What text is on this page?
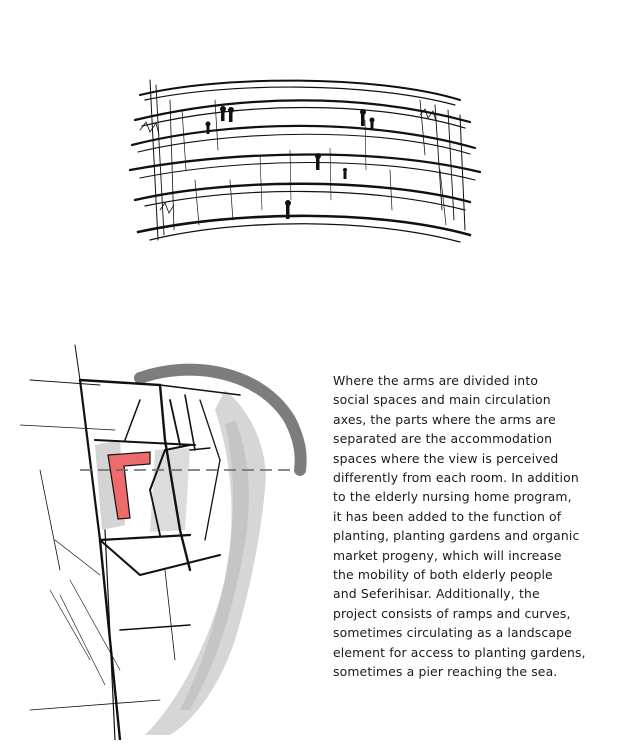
Where the arms are divided into
social spaces and main circulation
axes, the parts where the arms are
separated are the accommodation
spaces where the view is perceived
differently from each room. In addition
to the elderly nursing home program,
it has been added to the function of
planting, planting gardens and organic
market progeny, which will increase
the mobility of both elderly people
and Seferihisar. Additionally, the
project consists of ramps and curves,
sometimes circulating as a landscape
element for access to planting gardens,
sometimes a pier reaching the sea.
